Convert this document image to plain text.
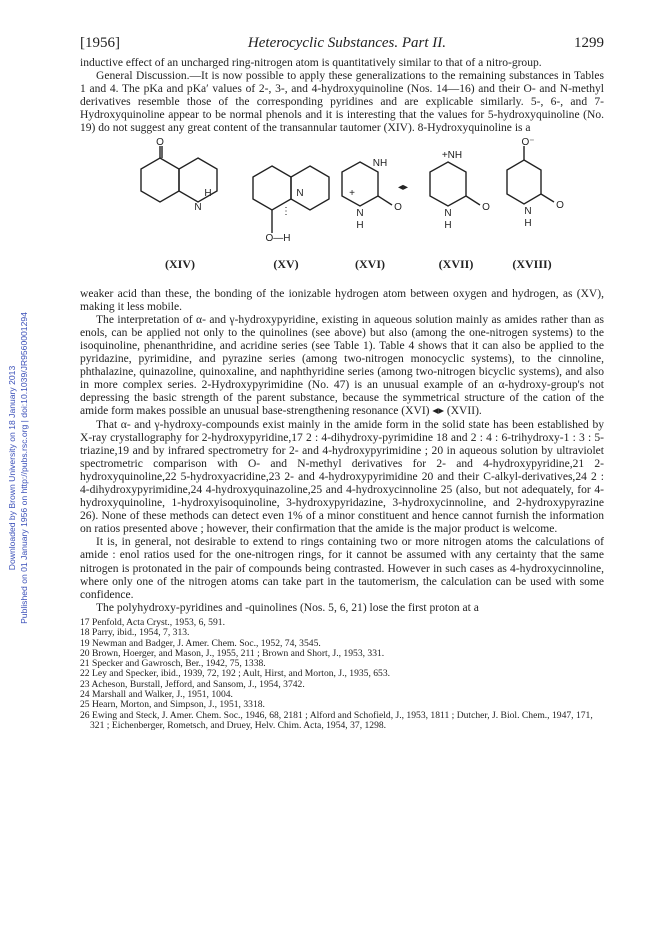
Downloaded by Brown University on 18 January 2013 Published on 01 January 1956 on http://pubs.rsc.org | doi:10.1039/JR9560001294
[1956]	Heterocyclic Substances. Part II.	1299

inductive effect of an uncharged ring-nitrogen atom is quantitatively similar to that of a nitro-group.

General Discussion.—It is now possible to apply these generalizations to the remaining substances in Tables 1 and 4. The pKa and pKa′ values of 2-, 3-, and 4-hydroxyquinoline (Nos. 14—16) and their O- and N-methyl derivatives resemble those of the corresponding pyridines and are explicable similarly. 5-, 6-, and 7-Hydroxyquinoline appear to be normal phenols and it is interesting that the values for 5-hydroxyquinoline (No. 19) do not suggest any great content of the transannular tautomer (XIV). 8-Hydroxyquinoline is a

O
N
H	N
⋮
O—H
NH
+
N
H
O
◂▸
+NH
N
H
O
O⁻
N
H
O
(XIV)	(XV)	(XVI)	(XVII)	(XVIII)

weaker acid than these, the bonding of the ionizable hydrogen atom between oxygen and hydrogen, as (XV), making it less mobile.

The interpretation of α- and γ-hydroxypyridine, existing in aqueous solution mainly as amides rather than as enols, can be applied not only to the quinolines (see above) but also (among the one-nitrogen systems) to the isoquinoline, phenanthridine, and acridine series (see Table 1). Table 4 shows that it can also be applied to the pyridazine, pyrimidine, and pyrazine series (among two-nitrogen monocyclic systems), to the cinnoline, phthalazine, quinazoline, quinoxaline, and naphthyridine series (among two-nitrogen bicyclic systems), and also in more complex series. 2-Hydroxypyrimidine (No. 47) is an unusual example of an α-hydroxy-group's not depressing the basic strength of the parent substance, because the symmetrical structure of the cation of the amide form makes possible an unusual base-strengthening resonance (XVI) ◂▸ (XVII).

That α- and γ-hydroxy-compounds exist mainly in the amide form in the solid state has been established by X-ray crystallography for 2-hydroxypyridine,17 2 : 4-dihydroxy-pyrimidine 18 and 2 : 4 : 6-trihydroxy-1 : 3 : 5-triazine,19 and by infrared spectrometry for 2- and 4-hydroxypyrimidine ; 20 in aqueous solution by ultraviolet spectrometric comparison with O- and N-methyl derivatives for 2- and 4-hydroxypyridine,21 2-hydroxyquinoline,22 5-hydroxyacridine,23 2- and 4-hydroxypyrimidine 20 and their C-alkyl-derivatives,24 2 : 4-dihydroxypyrimidine,24 4-hydroxyquinazoline,25 and 4-hydroxycinnoline 25 (also, but not adequately, for 4-hydroxyquinoline, 1-hydroxyisoquinoline, 3-hydroxypyridazine, 3-hydroxycinnoline, and 2-hydroxypyrazine 26). None of these methods can detect even 1% of a minor constituent and hence cannot furnish the information on ratios presented above ; however, their confirmation that the amide is the major product is welcome.

It is, in general, not desirable to extend to rings containing two or more nitrogen atoms the calculations of amide : enol ratios used for the one-nitrogen rings, for it cannot be assumed with any certainty that the same nitrogen is protonated in the pair of compounds being contrasted. However in such cases as 4-hydroxycinnoline, where only one of the nitrogen atoms can take part in the tautomerism, the calculation can be used with some confidence.

The polyhydroxy-pyridines and -quinolines (Nos. 5, 6, 21) lose the first proton at a

17 Penfold, Acta Cryst., 1953, 6, 591.

18 Parry, ibid., 1954, 7, 313.

19 Newman and Badger, J. Amer. Chem. Soc., 1952, 74, 3545.

20 Brown, Hoerger, and Mason, J., 1955, 211 ; Brown and Short, J., 1953, 331.

21 Specker and Gawrosch, Ber., 1942, 75, 1338.

22 Ley and Specker, ibid., 1939, 72, 192 ; Ault, Hirst, and Morton, J., 1935, 653.

23 Acheson, Burstall, Jefford, and Sansom, J., 1954, 3742.

24 Marshall and Walker, J., 1951, 1004.

25 Hearn, Morton, and Simpson, J., 1951, 3318.

26 Ewing and Steck, J. Amer. Chem. Soc., 1946, 68, 2181 ; Alford and Schofield, J., 1953, 1811 ; Dutcher, J. Biol. Chem., 1947, 171, 321 ; Eichenberger, Rometsch, and Druey, Helv. Chim. Acta, 1954, 37, 1298.
